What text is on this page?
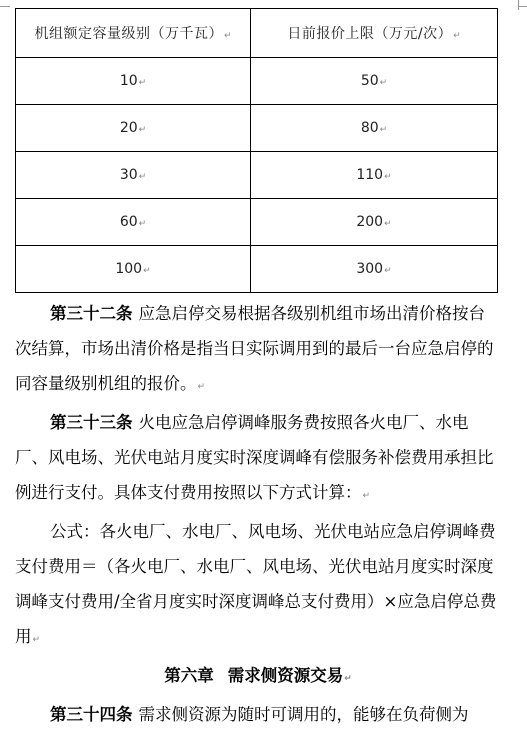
机组额定容量级别（万千瓦）↵	日前报价上限（万元/次）↵
10↵	50↵
20↵	80↵
30↵	110↵
60↵	200↵
100↵	300↵

第三十二条 应急启停交易根据各级别机组市场出清价格按台次结算，市场出清价格是指当日实际调用到的最后一台应急启停的同容量级别机组的报价。↵

第三十三条 火电应急启停调峰服务费按照各火电厂、水电厂、风电场、光伏电站月度实时深度调峰有偿服务补偿费用承担比例进行支付。具体支付费用按照以下方式计算：↵

公式：各火电厂、水电厂、风电场、光伏电站应急启停调峰费支付费用＝（各火电厂、水电厂、风电场、光伏电站月度实时深度调峰支付费用/全省月度实时深度调峰总支付费用）×应急启停总费用↵

第六章 需求侧资源交易↵

第三十四条 需求侧资源为随时可调用的，能够在负荷侧为
